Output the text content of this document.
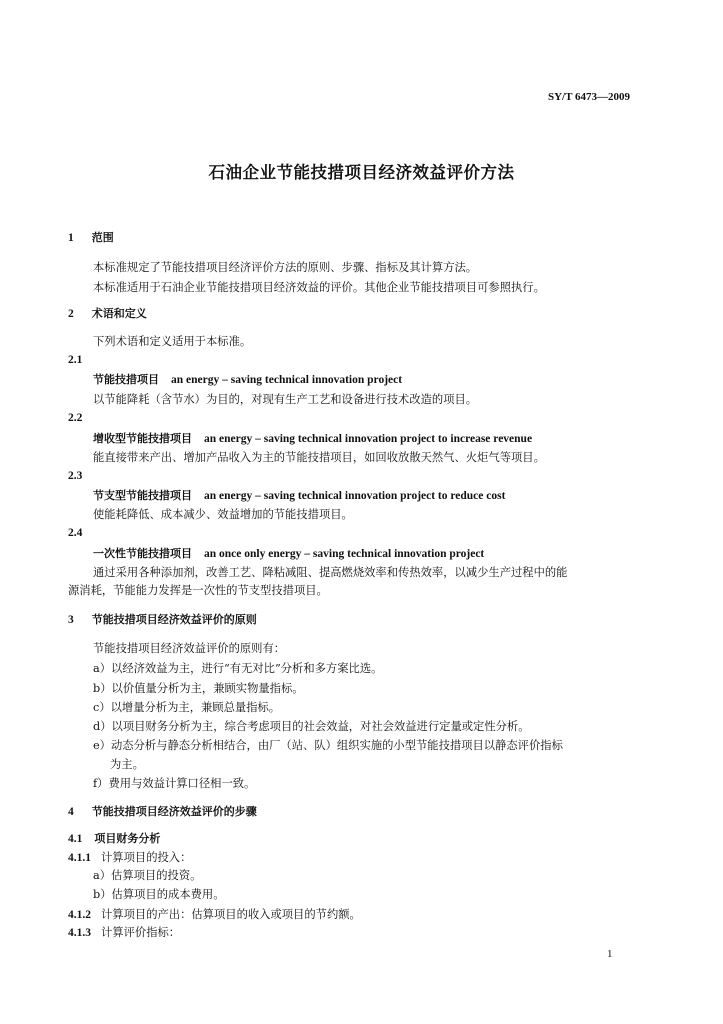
SY/T 6473—2009
石油企业节能技措项目经济效益评价方法
1 范围
本标准规定了节能技措项目经济评价方法的原则、步骤、指标及其计算方法。
本标准适用于石油企业节能技措项目经济效益的评价。其他企业节能技措项目可参照执行。
2 术语和定义
下列术语和定义适用于本标准。
2.1
节能技措项目 an energy – saving technical innovation project
以节能降耗（含节水）为目的，对现有生产工艺和设备进行技术改造的项目。
2.2
增收型节能技措项目 an energy – saving technical innovation project to increase revenue
能直接带来产出、增加产品收入为主的节能技措项目，如回收放散天然气、火炬气等项目。
2.3
节支型节能技措项目 an energy – saving technical innovation project to reduce cost
使能耗降低、成本减少、效益增加的节能技措项目。
2.4
一次性节能技措项目 an once only energy – saving technical innovation project
通过采用各种添加剂，改善工艺、降粘减阻、提高燃烧效率和传热效率，以减少生产过程中的能
源消耗，节能能力发挥是一次性的节支型技措项目。
3 节能技措项目经济效益评价的原则
节能技措项目经济效益评价的原则有：
a）以经济效益为主，进行“有无对比”分析和多方案比选。
b）以价值量分析为主，兼顾实物量指标。
c）以增量分析为主，兼顾总量指标。
d）以项目财务分析为主，综合考虑项目的社会效益，对社会效益进行定量或定性分析。
e）动态分析与静态分析相结合，由厂（站、队）组织实施的小型节能技措项目以静态评价指标
为主。
f）费用与效益计算口径相一致。
4 节能技措项目经济效益评价的步骤
4.1 项目财务分析
4.1.1 计算项目的投入：
a）估算项目的投资。
b）估算项目的成本费用。
4.1.2 计算项目的产出：估算项目的收入或项目的节约额。
4.1.3 计算评价指标：
1
